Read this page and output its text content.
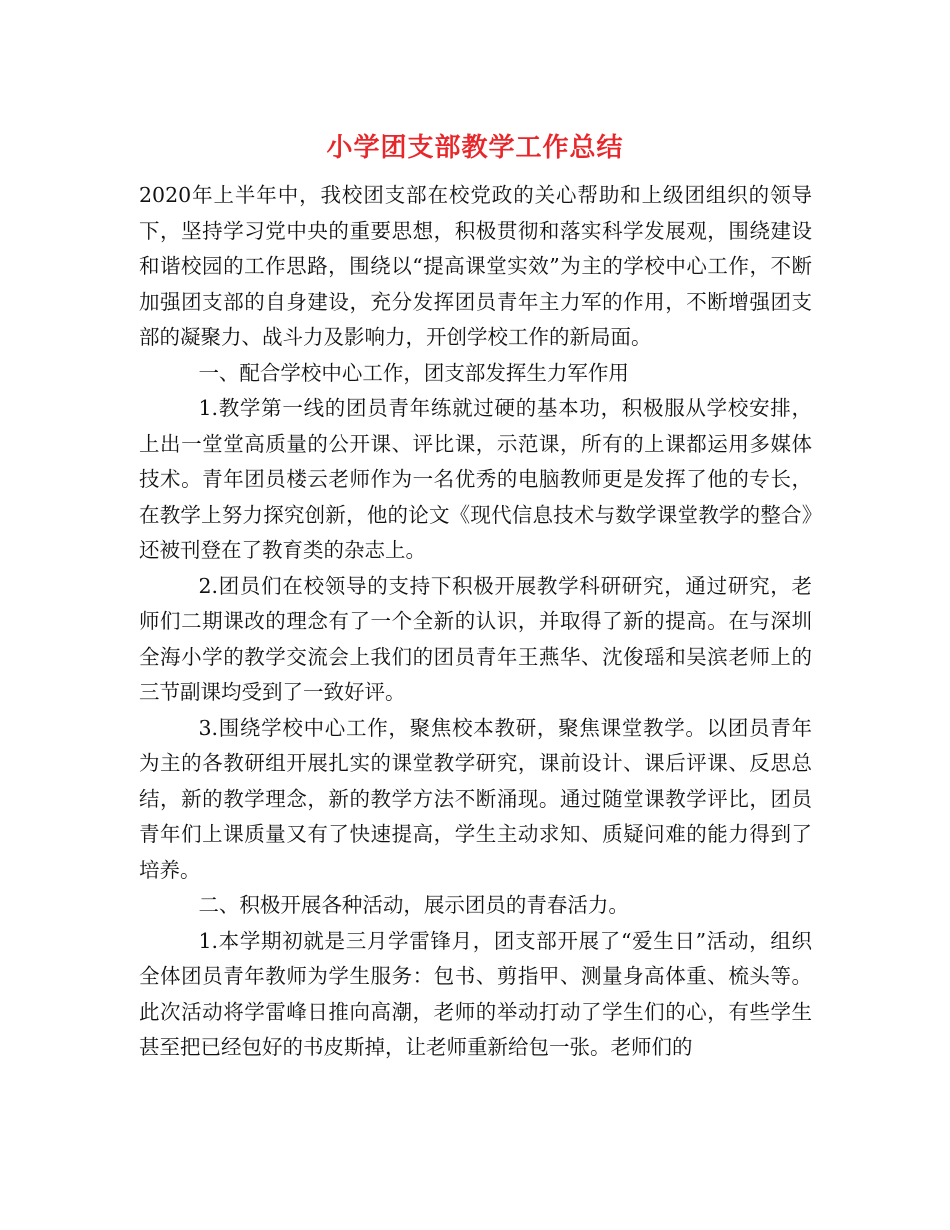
小学团支部教学工作总结

2020年上半年中，我校团支部在校党政的关心帮助和上级团组织的领导下，坚持学习党中央的重要思想，积极贯彻和落实科学发展观，围绕建设和谐校园的工作思路，围绕以“提高课堂实效”为主的学校中心工作，不断加强团支部的自身建设，充分发挥团员青年主力军的作用，不断增强团支部的凝聚力、战斗力及影响力，开创学校工作的新局面。

一、配合学校中心工作，团支部发挥生力军作用

1.教学第一线的团员青年练就过硬的基本功，积极服从学校安排，上出一堂堂高质量的公开课、评比课，示范课，所有的上课都运用多媒体技术。青年团员楼云老师作为一名优秀的电脑教师更是发挥了他的专长，在教学上努力探究创新，他的论文《现代信息技术与数学课堂教学的整合》还被刊登在了教育类的杂志上。

2.团员们在校领导的支持下积极开展教学科研研究，通过研究，老师们二期课改的理念有了一个全新的认识，并取得了新的提高。在与深圳全海小学的教学交流会上我们的团员青年王燕华、沈俊瑶和吴滨老师上的三节副课均受到了一致好评。

3.围绕学校中心工作，聚焦校本教研，聚焦课堂教学。以团员青年为主的各教研组开展扎实的课堂教学研究，课前设计、课后评课、反思总结，新的教学理念，新的教学方法不断涌现。通过随堂课教学评比，团员青年们上课质量又有了快速提高，学生主动求知、质疑问难的能力得到了培养。

二、积极开展各种活动，展示团员的青春活力。

1.本学期初就是三月学雷锋月，团支部开展了“爱生日”活动，组织全体团员青年教师为学生服务：包书、剪指甲、测量身高体重、梳头等。此次活动将学雷峰日推向高潮，老师的举动打动了学生们的心，有些学生甚至把已经包好的书皮斯掉，让老师重新给包一张。老师们的
